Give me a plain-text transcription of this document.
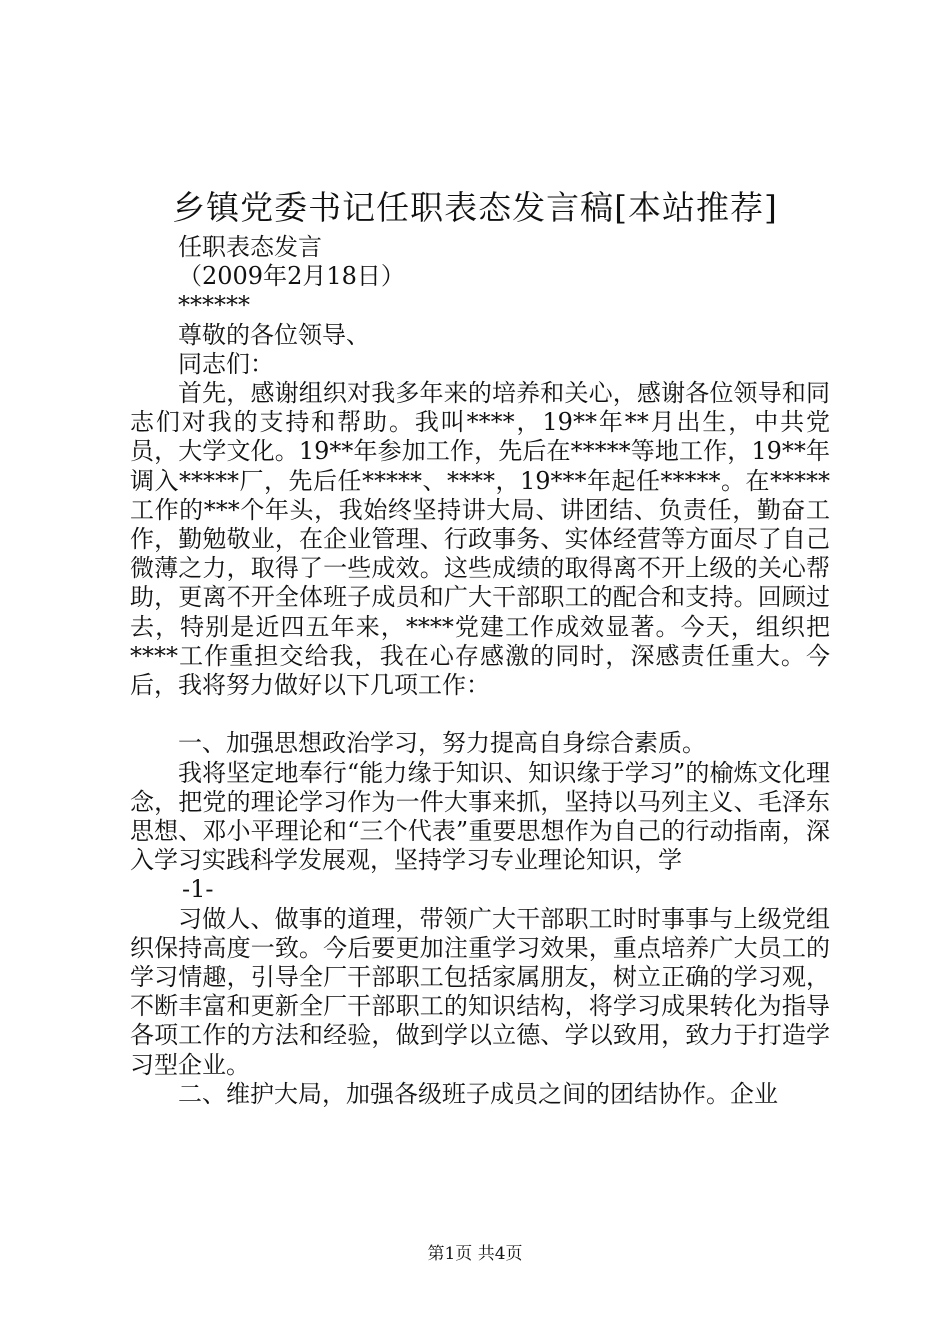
乡镇党委书记任职表态发言稿[本站推荐]
任职表态发言
（2009年2月18日）
******
尊敬的各位领导、
同志们：

首先，感谢组织对我多年来的培养和关心，感谢各位领导和同志们对我的支持和帮助。我叫****，19**年**月出生，中共党员，大学文化。19**年参加工作，先后在*****等地工作，19**年调入*****厂，先后任*****、****，19***年起任*****。在*****工作的***个年头，我始终坚持讲大局、讲团结、负责任，勤奋工作，勤勉敬业，在企业管理、行政事务、实体经营等方面尽了自己微薄之力，取得了一些成效。这些成绩的取得离不开上级的关心帮助，更离不开全体班子成员和广大干部职工的配合和支持。回顾过去，特别是近四五年来，****党建工作成效显著。今天，组织把****工作重担交给我，我在心存感激的同时，深感责任重大。今后，我将努力做好以下几项工作：

一、加强思想政治学习，努力提高自身综合素质。

我将坚定地奉行“能力缘于知识、知识缘于学习”的榆炼文化理念，把党的理论学习作为一件大事来抓，坚持以马列主义、毛泽东思想、邓小平理论和“三个代表”重要思想作为自己的行动指南，深入学习实践科学发展观，坚持学习专业理论知识，学

-1-

习做人、做事的道理，带领广大干部职工时时事事与上级党组织保持高度一致。今后要更加注重学习效果，重点培养广大员工的学习情趣，引导全厂干部职工包括家属朋友，树立正确的学习观，不断丰富和更新全厂干部职工的知识结构，将学习成果转化为指导各项工作的方法和经验，做到学以立德、学以致用，致力于打造学习型企业。

二、维护大局，加强各级班子成员之间的团结协作。企业

第1页 共4页
